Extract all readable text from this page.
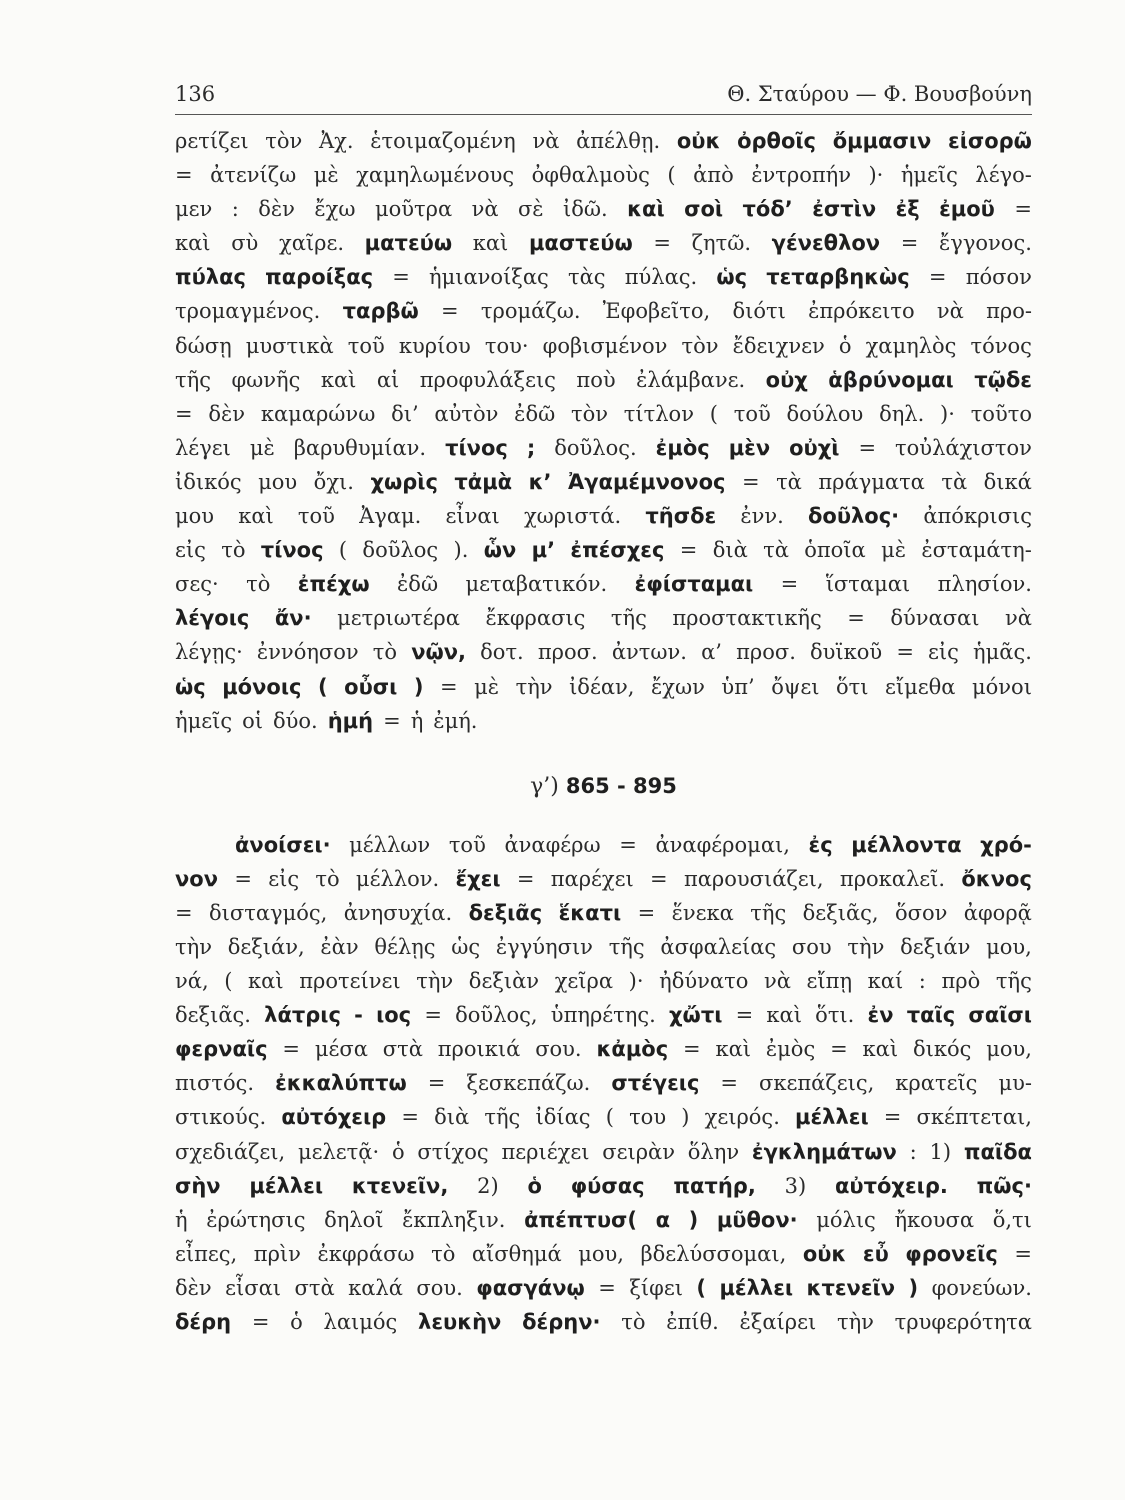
136	Θ. Σταύρου — Φ. Βουσβούνη
ρετίζει τὸν Ἀχ. ἑτοιμαζομένη νὰ ἀπέλθῃ. οὐκ ὀρθοῖς ὄμμασιν εἰσορῶ
= ἀτενίζω μὲ χαμηλωμένους ὀφθαλμοὺς ( ἀπὸ ἐντροπήν )· ἡμεῖς λέγο-
μεν : δὲν ἔχω μοῦτρα νὰ σὲ ἰδῶ. καὶ σοὶ τόδ’ ἐστὶν ἐξ ἐμοῦ =
καὶ σὺ χαῖρε. ματεύω καὶ μαστεύω = ζητῶ. γένεθλον = ἔγγονος.
πύλας παροίξας = ἡμιανοίξας τὰς πύλας. ὡς τεταρβηκὼς = πόσον
τρομαγμένος. ταρβῶ = τρομάζω. Ἐφοβεῖτο, διότι ἐπρόκειτο νὰ προ-
δώσῃ μυστικὰ τοῦ κυρίου του· φοβισμένον τὸν ἔδειχνεν ὁ χαμηλὸς τόνος
τῆς φωνῆς καὶ αἱ προφυλάξεις ποὺ ἐλάμβανε. οὐχ ἁβρύνομαι τῷδε
= δὲν καμαρώνω δι’ αὐτὸν ἐδῶ τὸν τίτλον ( τοῦ δούλου δηλ. )· τοῦτο
λέγει μὲ βαρυθυμίαν. τίνος ; δοῦλος. ἐμὸς μὲν οὐχὶ = τοὐλάχιστον
ἰδικός μου ὄχι. χωρὶς τἀμὰ κ’ Ἀγαμέμνονος = τὰ πράγματα τὰ δικά
μου καὶ τοῦ Ἀγαμ. εἶναι χωριστά. τῆσδε ἐνν. δοῦλος· ἀπόκρισις
εἰς τὸ τίνος ( δοῦλος ). ὧν μ’ ἐπέσχες = διὰ τὰ ὁποῖα μὲ ἐσταμάτη-
σες· τὸ ἐπέχω ἐδῶ μεταβατικόν. ἐφίσταμαι = ἵσταμαι πλησίον.
λέγοις ἄν· μετριωτέρα ἔκφρασις τῆς προστακτικῆς = δύνασαι νὰ
λέγῃς· ἐννόησον τὸ νῷν, δοτ. προσ. ἀντων. α’ προσ. δυϊκοῦ = εἰς ἡμᾶς.
ὡς μόνοις ( οὖσι ) = μὲ τὴν ἰδέαν, ἔχων ὑπ’ ὄψει ὅτι εἴμεθα μόνοι
ἡμεῖς οἱ δύο. ἡμή = ἡ ἐμή.
γ’) 865 - 895
ἀνοίσει· μέλλων τοῦ ἀναφέρω = ἀναφέρομαι, ἐς μέλλοντα χρό-
νον = εἰς τὸ μέλλον. ἔχει = παρέχει = παρουσιάζει, προκαλεῖ. ὄκνος
= δισταγμός, ἀνησυχία. δεξιᾶς ἕκατι = ἕνεκα τῆς δεξιᾶς, ὅσον ἀφορᾷ
τὴν δεξιάν, ἐὰν θέλῃς ὡς ἐγγύησιν τῆς ἀσφαλείας σου τὴν δεξιάν μου,
νά, ( καὶ προτείνει τὴν δεξιὰν χεῖρα )· ἠδύνατο νὰ εἴπῃ καί : πρὸ τῆς
δεξιᾶς. λάτρις - ιος = δοῦλος, ὑπηρέτης. χὤτι = καὶ ὅτι. ἐν ταῖς σαῖσι
φερναῖς = μέσα στὰ προικιά σου. κἀμὸς = καὶ ἐμὸς = καὶ δικός μου,
πιστός. ἐκκαλύπτω = ξεσκεπάζω. στέγεις = σκεπάζεις, κρατεῖς μυ-
στικούς. αὐτόχειρ = διὰ τῆς ἰδίας ( του ) χειρός. μέλλει = σκέπτεται,
σχεδιάζει, μελετᾷ· ὁ στίχος περιέχει σειρὰν ὅλην ἐγκλημάτων : 1) παῖδα
σὴν μέλλει κτενεῖν, 2) ὁ φύσας πατήρ, 3) αὐτόχειρ. πῶς·
ἡ ἐρώτησις δηλοῖ ἔκπληξιν. ἀπέπτυσ( α ) μῦθον· μόλις ἤκουσα ὅ,τι
εἶπες, πρὶν ἐκφράσω τὸ αἴσθημά μου, βδελύσσομαι, οὐκ εὖ φρονεῖς =
δὲν εἶσαι στὰ καλά σου. φασγάνῳ = ξίφει ( μέλλει κτενεῖν ) φονεύων.
δέρη = ὁ λαιμός λευκὴν δέρην· τὸ ἐπίθ. ἐξαίρει τὴν τρυφερότητα
